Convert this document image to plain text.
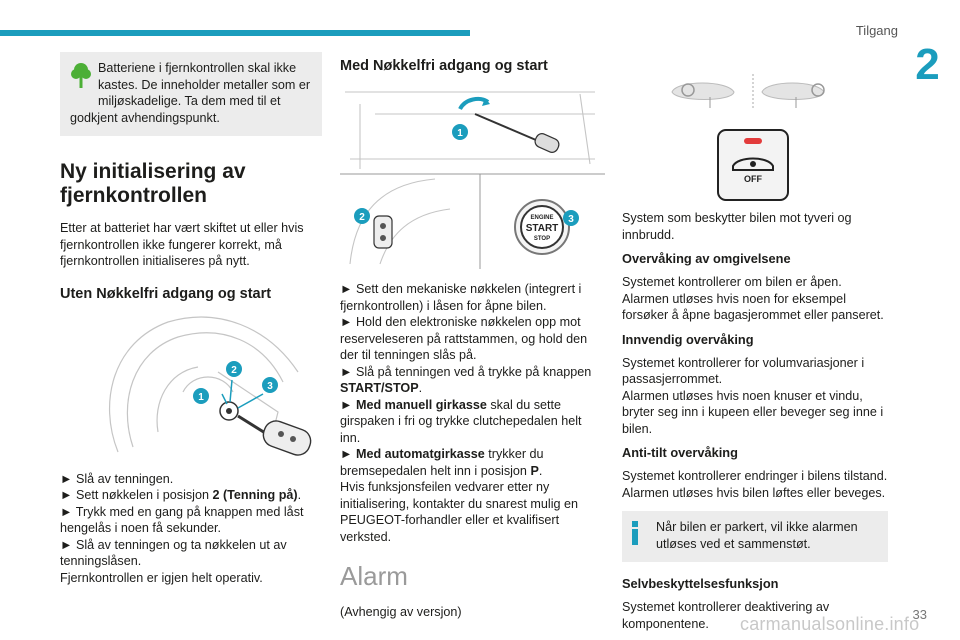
Tilgang
2
33
carmanualsonline.info
Batteriene i fjernkontrollen skal ikke kastes. De inneholder metaller som er miljøskadelige. Ta dem med til et godkjent avhendingspunkt.
Ny initialisering av fjernkontrollen

Etter at batteriet har vært skiftet ut eller hvis fjernkontrollen ikke fungerer korrekt, må fjernkontrollen initialiseres på nytt.

Uten Nøkkelfri adgang og start
1
2
3

► Slå av tenningen.

► Sett nøkkelen i posisjon 2 (Tenning på).

► Trykk med en gang på knappen med låst hengelås i noen få sekunder.

► Slå av tenningen og ta nøkkelen ut av tenningslåsen.

Fjernkontrollen er igjen helt operativ.

Med Nøkkelfri adgang og start
1
2	ENGINE
START
STOP
3

► Sett den mekaniske nøkkelen (integrert i fjernkontrollen) i låsen for åpne bilen.

► Hold den elektroniske nøkkelen opp mot reserveleseren på rattstammen, og hold den der til tenningen slås på.

► Slå på tenningen ved å trykke på knappen START/STOP.

► Med manuell girkasse skal du sette girspaken i fri og trykke clutchepedalen helt inn.

► Med automatgirkasse trykker du bremsepedalen helt inn i posisjon P.

Hvis funksjonsfeilen vedvarer etter ny initialisering, kontakter du snarest mulig en PEUGEOT-forhandler eller et kvalifisert verksted.

Alarm

(Avhengig av versjon)

OFF

System som beskytter bilen mot tyveri og innbrudd.

Overvåking av omgivelsene

Systemet kontrollerer om bilen er åpen.
Alarmen utløses hvis noen for eksempel forsøker å åpne bagasjerommet eller panseret.

Innvendig overvåking

Systemet kontrollerer for volumvariasjoner i passasjerrommet.
Alarmen utløses hvis noen knuser et vindu, bryter seg inn i kupeen eller beveger seg inne i bilen.

Anti-tilt overvåking

Systemet kontrollerer endringer i bilens tilstand.
Alarmen utløses hvis bilen løftes eller beveges.

Når bilen er parkert, vil ikke alarmen utløses ved et sammenstøt.
Selvbeskyttelsesfunksjon

Systemet kontrollerer deaktivering av komponentene.
